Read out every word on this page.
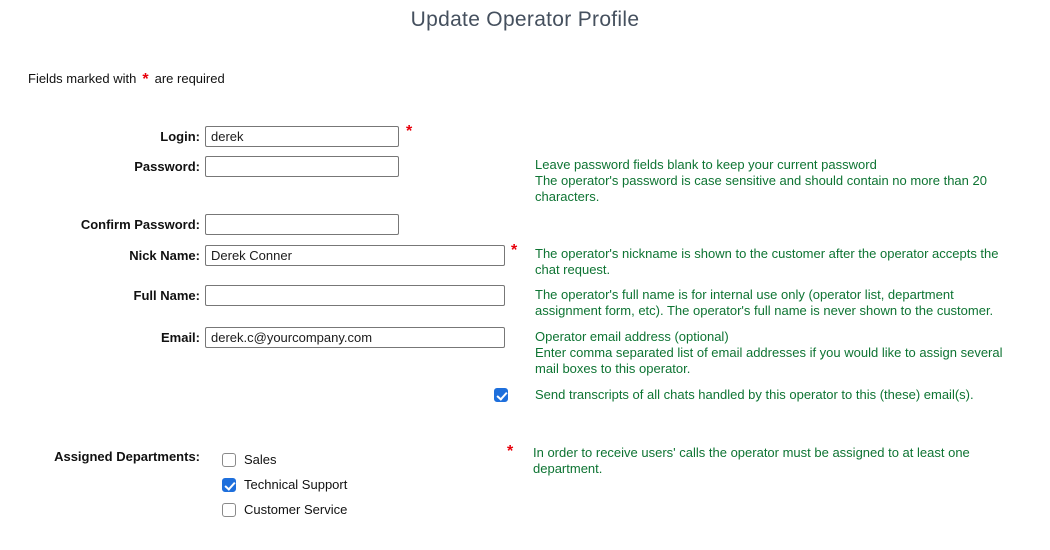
Update Operator Profile
Fields marked with * are required
Login:
derek	*
Password:	Leave password fields blank to keep your current password
The operator's password is case sensitive and should contain no more than 20
characters.
Confirm Password:
Nick Name:
Derek Conner	* The operator's nickname is shown to the customer after the operator accepts the
chat request.
Full Name:	The operator's full name is for internal use only (operator list, department
assignment form, etc). The operator's full name is never shown to the customer.
Email:
derek.c@yourcompany.com	Operator email address (optional)
Enter comma separated list of email addresses if you would like to assign several
mail boxes to this operator.
Send transcripts of all chats handled by this operator to this (these) email(s).
Assigned Departments:	* In order to receive users' calls the operator must be assigned to at least one
department.
Sales
Technical Support
Customer Service
